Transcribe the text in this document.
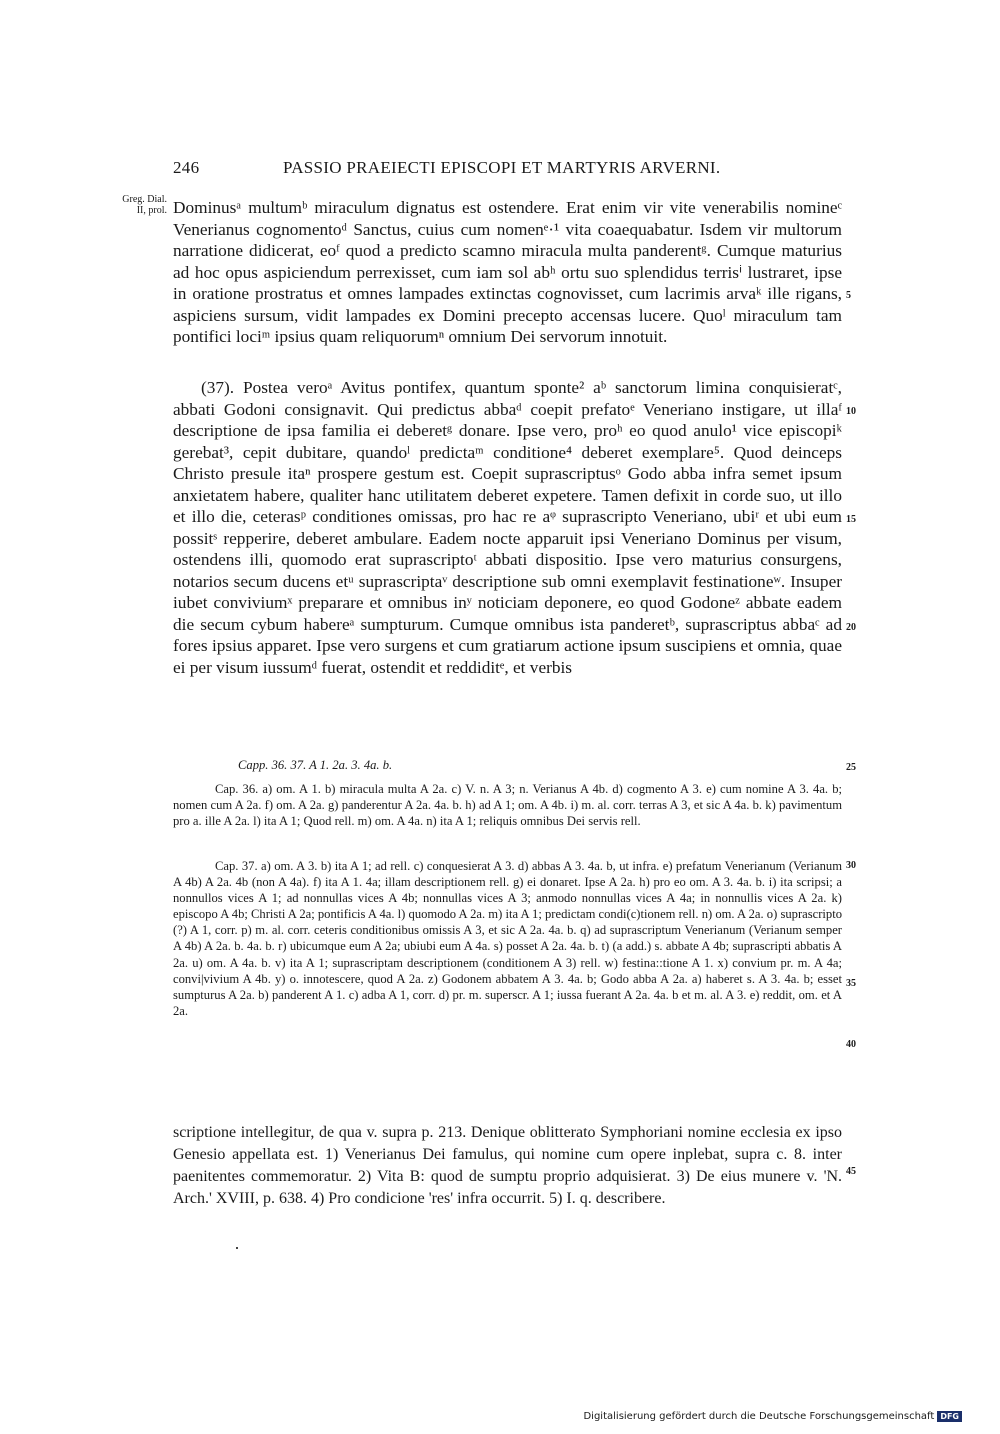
246	PASSIO PRAEIECTI EPISCOPI ET MARTYRIS ARVERNI.
Greg. Dial.
II, prol. Dominusᵃ multumᵇ miraculum dignatus est ostendere. Erat enim vir vite venerabilis nomineᶜ Venerianus cognomentoᵈ Sanctus, cuius cum nomenᵉ·¹ vita coaequabatur. Isdem vir multorum narratione didicerat, eoᶠ quod a predicto scamno miracula multa panderentᵍ. Cumque maturius ad hoc opus aspiciendum perrexisset, cum iam sol abʰ ortu suo splendidus terrisⁱ lustraret, ipse in oratione prostratus et omnes lampades extinctas cognovisset, cum lacrimis arvaᵏ ille rigans, aspiciens sursum, vidit lampades ex Domini precepto accensas lucere. Quoˡ miraculum tam pontifici lociᵐ ipsius quam reliquorumⁿ omnium Dei servorum innotuit.

(37). Postea veroᵃ Avitus pontifex, quantum sponte² aᵇ sanctorum limina conquisieratᶜ, abbati Godoni consignavit. Qui predictus abbaᵈ coepit prefatoᵉ Veneriano instigare, ut illaᶠ descriptione de ipsa familia ei deberetᵍ donare. Ipse vero, proʰ eo quod anulo¹ vice episcopiᵏ gerebat³, cepit dubitare, quandoˡ predictaᵐ conditione⁴ deberet exemplare⁵. Quod deinceps Christo presule itaⁿ prospere gestum est. Coepit suprascriptusᵒ Godo abba infra semet ipsum anxietatem habere, qualiter hanc utilitatem deberet expetere. Tamen defixit in corde suo, ut illo et illo die, ceterasᵖ conditiones omissas, pro hac re aᵠ suprascripto Veneriano, ubiʳ et ubi eum possitˢ repperire, deberet ambulare. Eadem nocte apparuit ipsi Veneriano Dominus per visum, ostendens illi, quomodo erat suprascriptoᵗ abbati dispositio. Ipse vero maturius consurgens, notarios secum ducens etᵘ suprascriptaᵛ descriptione sub omni exemplavit festinationeʷ. Insuper iubet conviviumˣ preparare et omnibus inʸ noticiam deponere, eo quod Godoneᶻ abbate eadem die secum cybum habereᵃ sumpturum. Cumque omnibus ista panderetᵇ, suprascriptus abbaᶜ ad fores ipsius apparet. Ipse vero surgens et cum gratiarum actione ipsum suscipiens et omnia, quae ei per visum iussumᵈ fuerat, ostendit et reddiditᵉ, et verbis

5
10
15
20
25
30
35
40
45
Capp. 36. 37. A 1. 2a. 3. 4a. b.

Cap. 36. a) om. A 1. b) miracula multa A 2a. c) V. n. A 3; n. Verianus A 4b. d) cogmento A 3. e) cum nomine A 3. 4a. b; nomen cum A 2a. f) om. A 2a. g) panderentur A 2a. 4a. b. h) ad A 1; om. A 4b. i) m. al. corr. terras A 3, et sic A 4a. b. k) pavimentum pro a. ille A 2a. l) ita A 1; Quod rell. m) om. A 4a. n) ita A 1; reliquis omnibus Dei servis rell.

Cap. 37. a) om. A 3. b) ita A 1; ad rell. c) conquesierat A 3. d) abbas A 3. 4a. b, ut infra. e) prefatum Venerianum (Verianum A 4b) A 2a. 4b (non A 4a). f) ita A 1. 4a; illam descriptionem rell. g) ei donaret. Ipse A 2a. h) pro eo om. A 3. 4a. b. i) ita scripsi; a nonnullos vices A 1; ad nonnullas vices A 4b; nonnullas vices A 3; anmodo nonnullas vices A 4a; in nonnullis vices A 2a. k) episcopo A 4b; Christi A 2a; pontificis A 4a. l) quomodo A 2a. m) ita A 1; predictam condi(c)tionem rell. n) om. A 2a. o) suprascripto (?) A 1, corr. p) m. al. corr. ceteris conditionibus omissis A 3, et sic A 2a. 4a. b. q) ad suprascriptum Venerianum (Verianum semper A 4b) A 2a. b. 4a. b. r) ubicumque eum A 2a; ubiubi eum A 4a. s) posset A 2a. 4a. b. t) (a add.) s. abbate A 4b; suprascripti abbatis A 2a. u) om. A 4a. b. v) ita A 1; suprascriptam descriptionem (conditionem A 3) rell. w) festina::tione A 1. x) convium pr. m. A 4a; convi|vivium A 4b. y) o. innotescere, quod A 2a. z) Godonem abbatem A 3. 4a. b; Godo abba A 2a. a) haberet s. A 3. 4a. b; esset sumpturus A 2a. b) panderent A 1. c) adba A 1, corr. d) pr. m. superscr. A 1; iussa fuerant A 2a. 4a. b et m. al. A 3. e) reddit, om. et A 2a.

scriptione intellegitur, de qua v. supra p. 213. Denique oblitterato Symphoriani nomine ecclesia ex ipso Genesio appellata est. 1) Venerianus Dei famulus, qui nomine cum opere inplebat, supra c. 8. inter paenitentes commemoratur. 2) Vita B: quod de sumptu proprio adquisierat. 3) De eius munere v. 'N. Arch.' XVIII, p. 638. 4) Pro condicione 'res' infra occurrit. 5) I. q. describere.

Digitalisierung gefördert durch die Deutsche Forschungsgemeinschaft DFG
